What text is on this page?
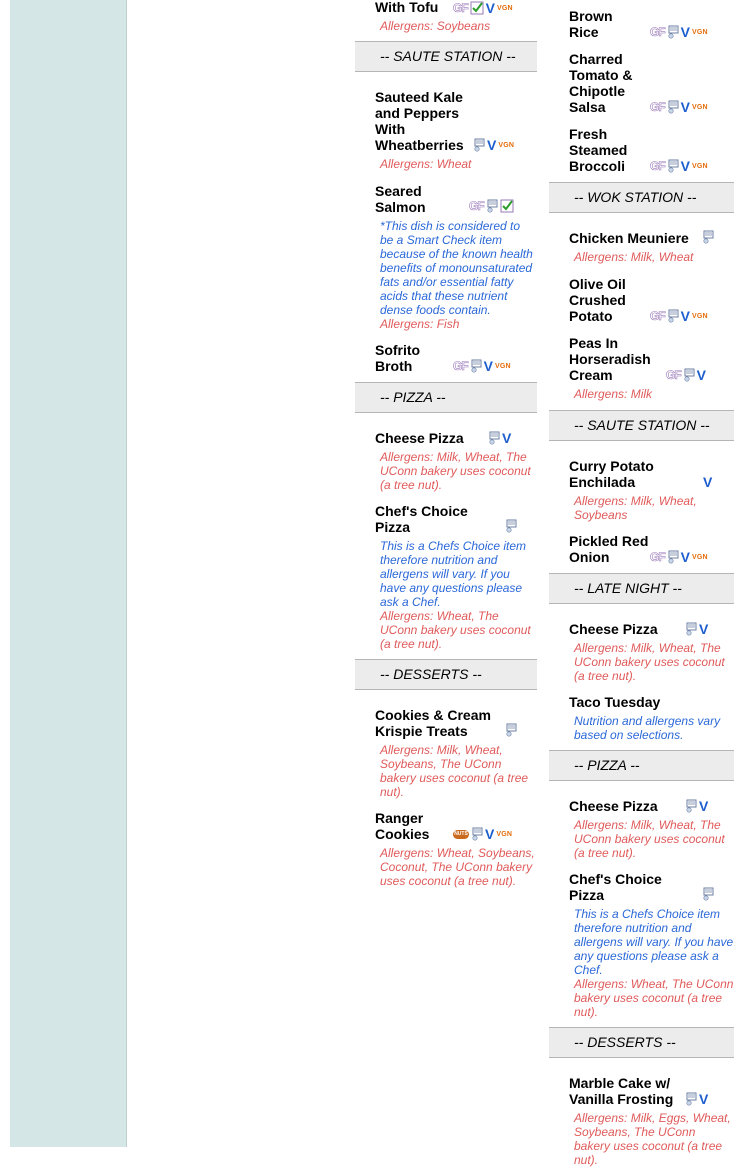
With Tofu	GF V VGN
Allergens: Soybeans
-- SAUTE STATION --
Sauteed Kale and Peppers With Wheatberries
Allergens: Wheat
V VGN
Seared Salmon
*This dish is considered to be a Smart Check item because of the known health benefits of monounsaturated fats and/or essential fatty acids that these nutrient dense foods contain.
Allergens: Fish
GF
Sofrito Broth	GF V VGN
-- PIZZA --
Cheese Pizza
Allergens: Milk, Wheat, The UConn bakery uses coconut (a tree nut).
V
Chef's Choice Pizza
This is a Chefs Choice item therefore nutrition and allergens will vary. If you have any questions please ask a Chef.
Allergens: Wheat, The UConn bakery uses coconut (a tree nut).
-- DESSERTS --
Cookies & Cream Krispie Treats
Allergens: Milk, Wheat, Soybeans, The UConn bakery uses coconut (a tree nut).
Ranger Cookies
Allergens: Wheat, Soybeans, Coconut, The UConn bakery uses coconut (a tree nut).
NUTS V VGN
Brown Rice	GF V VGN
Charred Tomato & Chipotle Salsa	GF V VGN
Fresh Steamed Broccoli	GF V VGN
-- WOK STATION --
Chicken Meuniere
Allergens: Milk, Wheat
Olive Oil Crushed Potato	GF V VGN
Peas In Horseradish Cream
Allergens: Milk
GF V
-- SAUTE STATION --
Curry Potato Enchilada
Allergens: Milk, Wheat, Soybeans
V
Pickled Red Onion	GF V VGN
-- LATE NIGHT --
Cheese Pizza
Allergens: Milk, Wheat, The UConn bakery uses coconut (a tree nut).
V
Taco Tuesday
Nutrition and allergens vary based on selections.
-- PIZZA --
Cheese Pizza
Allergens: Milk, Wheat, The UConn bakery uses coconut (a tree nut).
V
Chef's Choice Pizza
This is a Chefs Choice item therefore nutrition and allergens will vary. If you have any questions please ask a Chef.
Allergens: Wheat, The UConn bakery uses coconut (a tree nut).
-- DESSERTS --
Marble Cake w/ Vanilla Frosting
Allergens: Milk, Eggs, Wheat, Soybeans, The UConn bakery uses coconut (a tree nut).
V
